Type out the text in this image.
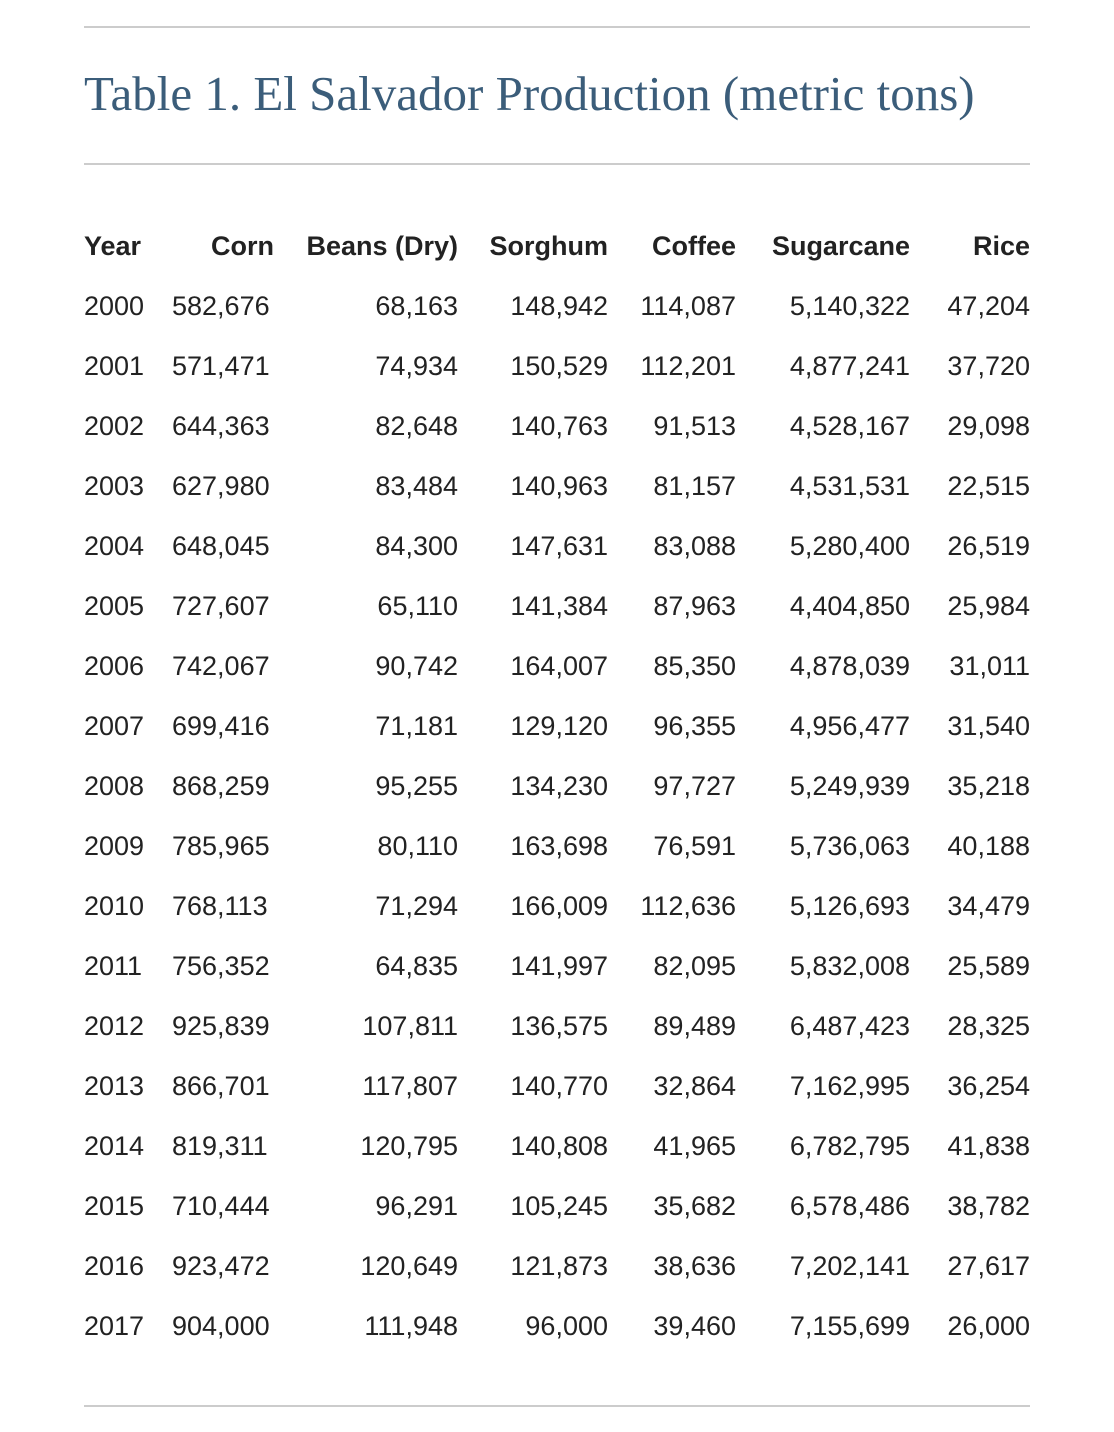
Table 1. El Salvador Production (metric tons)
Year	Corn	Beans (Dry)	Sorghum	Coffee	Sugarcane	Rice
2000	582,676	68,163	148,942	114,087	5,140,322	47,204
2001	571,471	74,934	150,529	112,201	4,877,241	37,720
2002	644,363	82,648	140,763	91,513	4,528,167	29,098
2003	627,980	83,484	140,963	81,157	4,531,531	22,515
2004	648,045	84,300	147,631	83,088	5,280,400	26,519
2005	727,607	65,110	141,384	87,963	4,404,850	25,984
2006	742,067	90,742	164,007	85,350	4,878,039	31,011
2007	699,416	71,181	129,120	96,355	4,956,477	31,540
2008	868,259	95,255	134,230	97,727	5,249,939	35,218
2009	785,965	80,110	163,698	76,591	5,736,063	40,188
2010	768,113	71,294	166,009	112,636	5,126,693	34,479
2011	756,352	64,835	141,997	82,095	5,832,008	25,589
2012	925,839	107,811	136,575	89,489	6,487,423	28,325
2013	866,701	117,807	140,770	32,864	7,162,995	36,254
2014	819,311	120,795	140,808	41,965	6,782,795	41,838
2015	710,444	96,291	105,245	35,682	6,578,486	38,782
2016	923,472	120,649	121,873	38,636	7,202,141	27,617
2017	904,000	111,948	96,000	39,460	7,155,699	26,000
